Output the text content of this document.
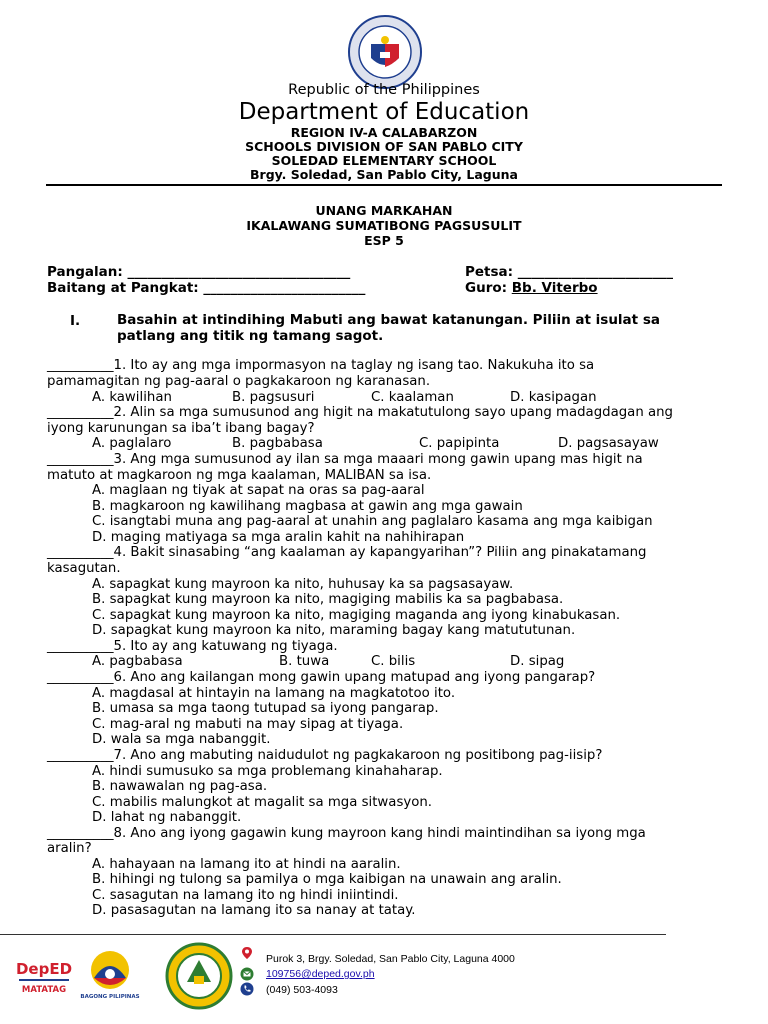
Republic of the Philippines
Department of Education
REGION IV-A CALABARZON
SCHOOLS DIVISION OF SAN PABLO CITY
SOLEDAD ELEMENTARY SCHOOL
Brgy. Soledad, San Pablo City, Laguna
UNANG MARKAHAN
IKALAWANG SUMATIBONG PAGSUSULIT
ESP 5
Pangalan: _________________________________	Petsa: _______________________
Baitang at Pangkat: ________________________	Guro: Bb. Viterbo
I.	Basahin at intindihing Mabuti ang bawat katanungan. Piliin at isulat sa patlang ang titik ng tamang sagot.
__________1. Ito ay ang mga impormasyon na taglay ng isang tao. Nakukuha ito sa
pamamagitan ng pag-aaral o pagkakaroon ng karanasan.
A. kawilihan	B. pagsusuri	C. kaalaman	D. kasipagan
__________2. Alin sa mga sumusunod ang higit na makatutulong sayo upang madagdagan ang
iyong karunungan sa iba’t ibang bagay?
A. paglalaro	B. pagbabasa	C. papipinta	D. pagsasayaw
__________3. Ang mga sumusunod ay ilan sa mga maaari mong gawin upang mas higit na
matuto at magkaroon ng mga kaalaman, MALIBAN sa isa.
A. maglaan ng tiyak at sapat na oras sa pag-aaral
B. magkaroon ng kawilihang magbasa at gawin ang mga gawain
C. isangtabi muna ang pag-aaral at unahin ang paglalaro kasama ang mga kaibigan
D. maging matiyaga sa mga aralin kahit na nahihirapan
__________4. Bakit sinasabing “ang kaalaman ay kapangyarihan”? Piliin ang pinakatamang
kasagutan.
A. sapagkat kung mayroon ka nito, huhusay ka sa pagsasayaw.
B. sapagkat kung mayroon ka nito, magiging mabilis ka sa pagbabasa.
C. sapagkat kung mayroon ka nito, magiging maganda ang iyong kinabukasan.
D. sapagkat kung mayroon ka nito, maraming bagay kang matututunan.
__________5. Ito ay ang katuwang ng tiyaga.
A. pagbabasa	B. tuwa	C. bilis	D. sipag
__________6. Ano ang kailangan mong gawin upang matupad ang iyong pangarap?
A. magdasal at hintayin na lamang na magkatotoo ito.
B. umasa sa mga taong tutupad sa iyong pangarap.
C. mag-aral ng mabuti na may sipag at tiyaga.
D. wala sa mga nabanggit.
__________7. Ano ang mabuting naidudulot ng pagkakaroon ng positibong pag-iisip?
A. hindi sumusuko sa mga problemang kinahaharap.
B. nawawalan ng pag-asa.
C. mabilis malungkot at magalit sa mga sitwasyon.
D. lahat ng nabanggit.
__________8. Ano ang iyong gagawin kung mayroon kang hindi maintindihan sa iyong mga
aralin?
A. hahayaan na lamang ito at hindi na aaralin.
B. hihingi ng tulong sa pamilya o mga kaibigan na unawain ang aralin.
C. sasagutan na lamang ito ng hindi iniintindi.
D. pasasagutan na lamang ito sa nanay at tatay.
DepED
MATATAG
BAGONG PILIPINAS
Purok 3, Brgy. Soledad, San Pablo City, Laguna 4000
109756@deped.gov.ph
(049) 503-4093
